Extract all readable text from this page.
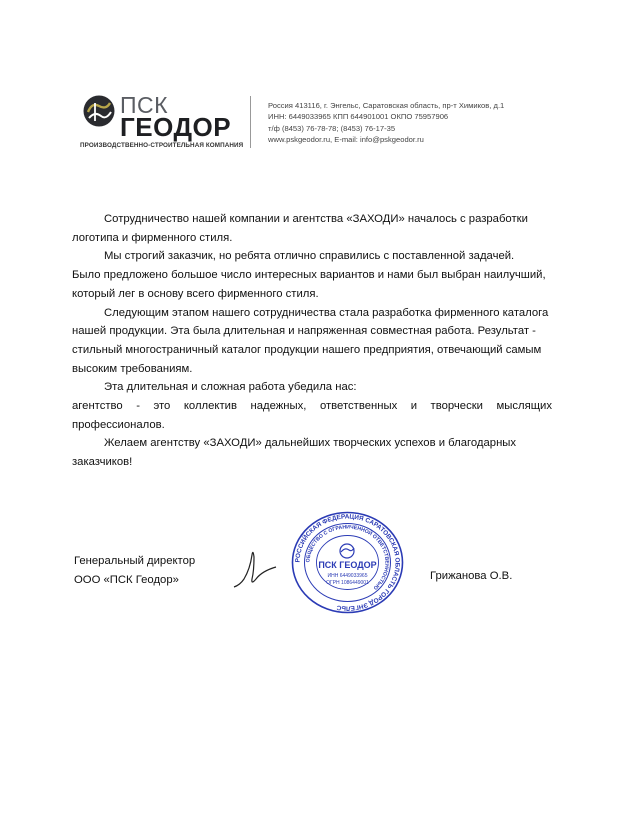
ПСК
ГЕОДОР
ПРОИЗВОДСТВЕННО-СТРОИТЕЛЬНАЯ КОМПАНИЯ
Россия 413116, г. Энгельс, Саратовская область, пр-т Химиков, д.1
ИНН: 6449033965 КПП 644901001 ОКПО 75957906
т/ф (8453) 76-78-78; (8453) 76-17-35
www.pskgeodor.ru, E-mail: info@pskgeodor.ru
Сотрудничество нашей компании и агентства «ЗАХОДИ» началось с разработки
логотипа и фирменного стиля.
Мы строгий заказчик, но ребята отлично справились с поставленной задачей.
Было предложено большое число интересных вариантов и нами был выбран наилучший,
который лег в основу всего фирменного стиля.
Следующим этапом нашего сотрудничества стала разработка фирменного каталога
нашей продукции. Эта была длительная и напряженная совместная работа. Результат -
стильный многостраничный каталог продукции нашего предприятия, отвечающий самым
высоким требованиям.
Эта длительная и сложная работа убедила нас:
агентство - это коллектив надежных, ответственных и творчески мыслящих профессионалов.
Желаем агентству «ЗАХОДИ» дальнейших творческих успехов и благодарных
заказчиков!
Генеральный директор
ООО «ПСК Геодор»
РОССИЙСКАЯ ФЕДЕРАЦИЯ САРАТОВСКАЯ ОБЛАСТЬ ГОРОД ЭНГЕЛЬС
ОБЩЕСТВО С ОГРАНИЧЕННОЙ ОТВЕТСТВЕННОСТЬЮ
ПСК ГЕОДОР
ИНН 6449033965
ОГРН 1086449001
Грижанова О.В.
